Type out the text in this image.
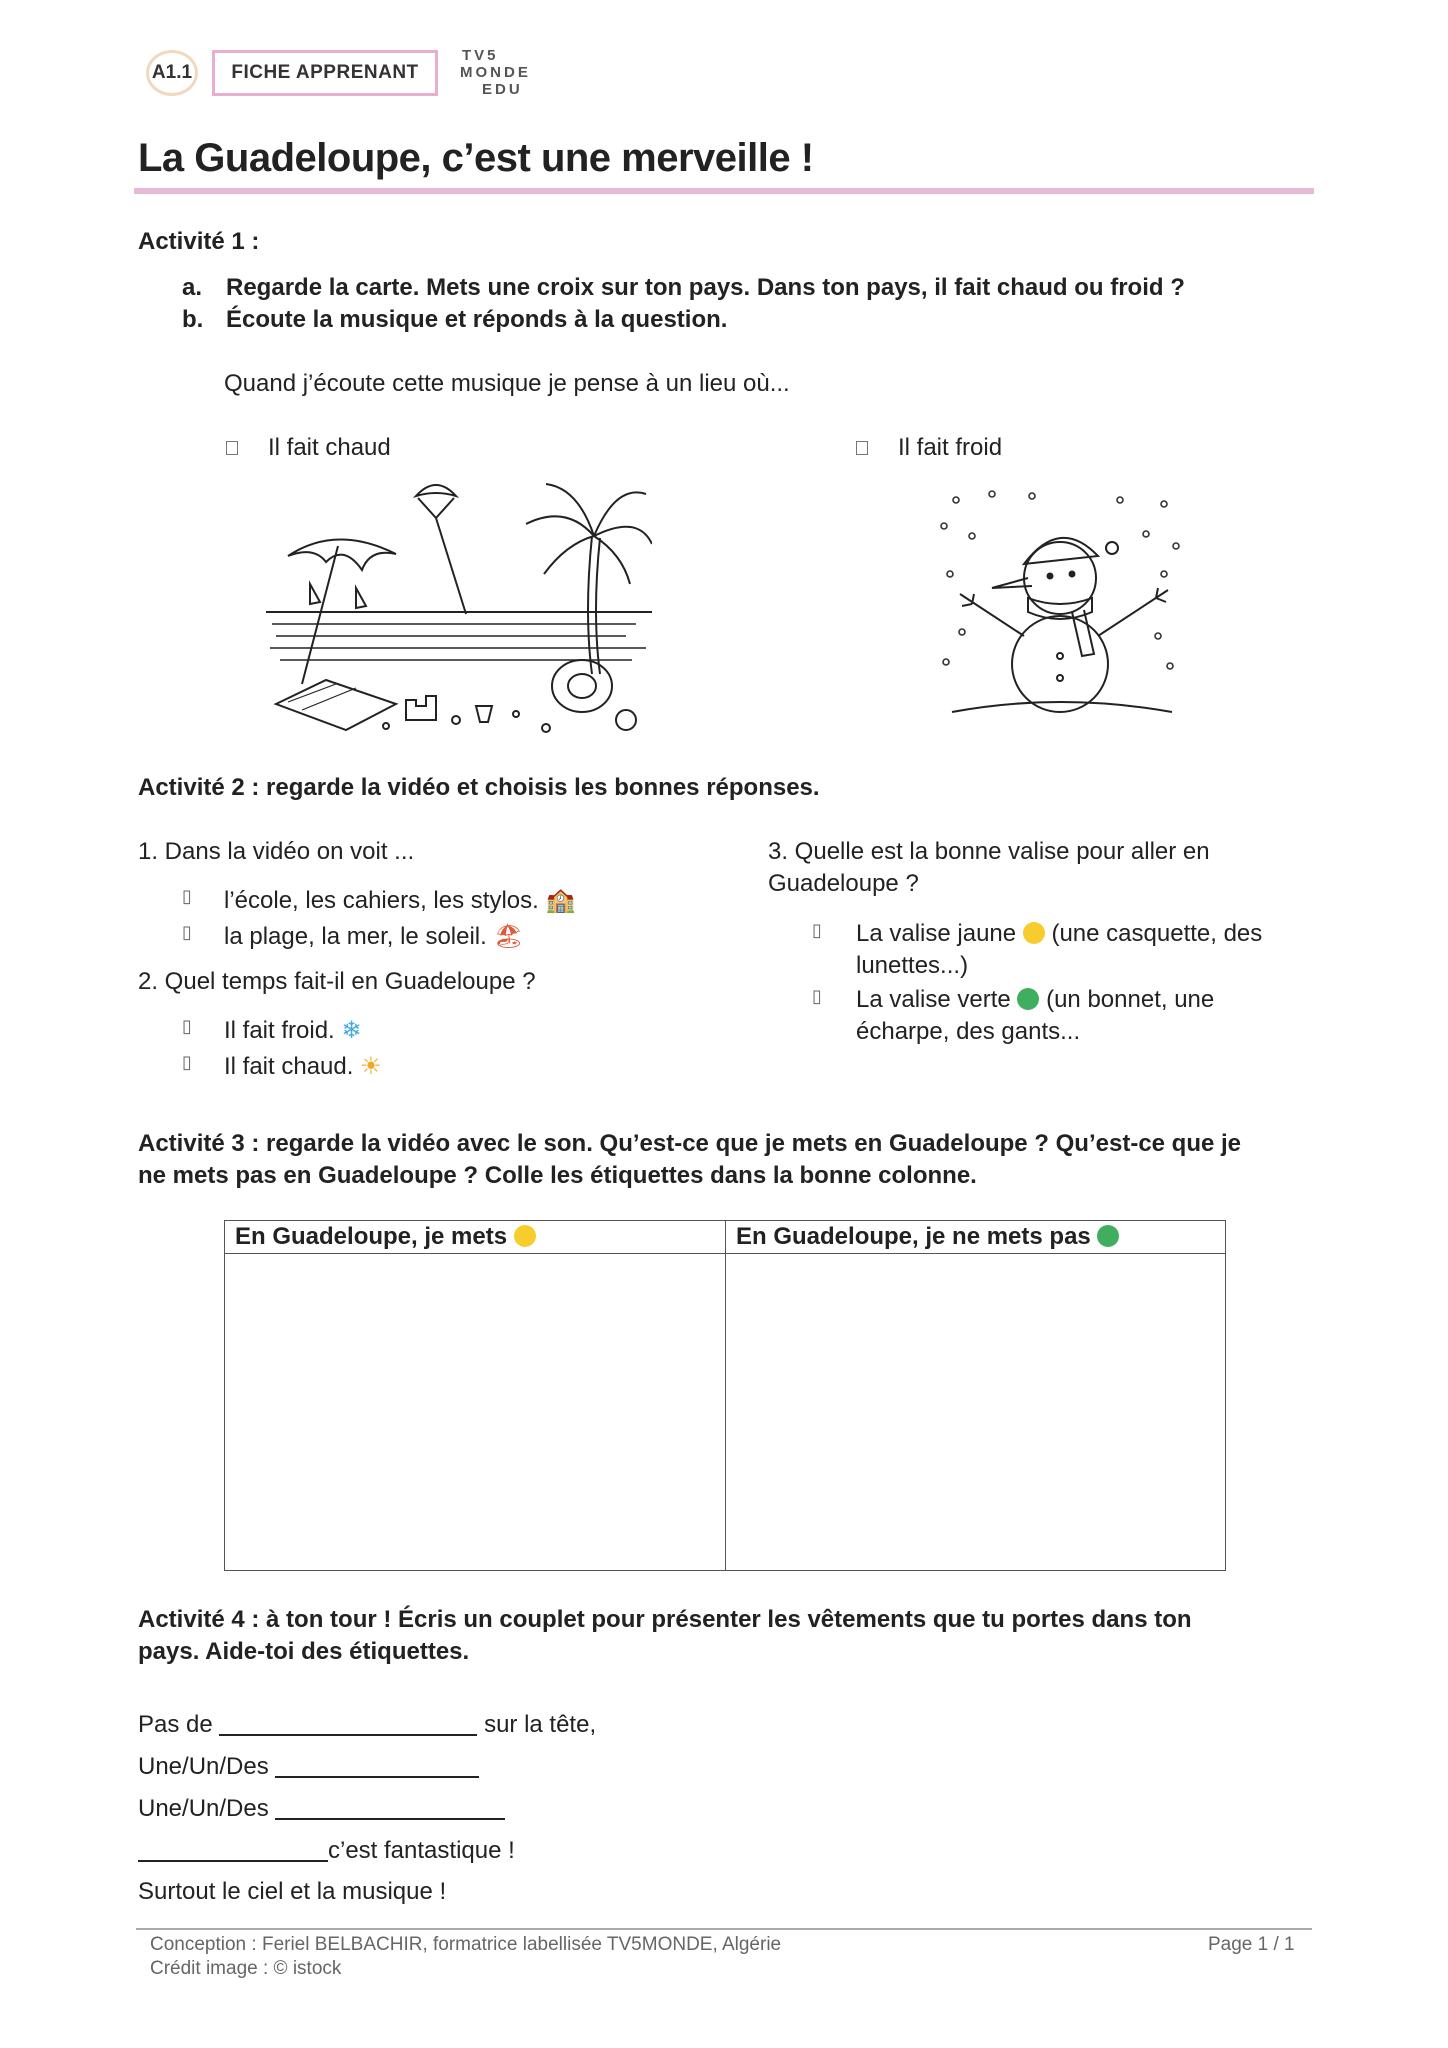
A1.1 FICHE APPRENANT
TV5
MONDE
EDU
La Guadeloupe, c’est une merveille !
Activité 1 :
a. Regarde la carte. Mets une croix sur ton pays. Dans ton pays, il fait chaud ou froid ?
b. Écoute la musique et réponds à la question.
Quand j’écoute cette musique je pense à un lieu où...
Il fait chaud	Il fait froid
Activité 2 : regarde la vidéo et choisis les bonnes réponses.
1. Dans la vidéo on voit ...
▯ l’école, les cahiers, les stylos. 🏫
▯ la plage, la mer, le soleil. 🏖
2. Quel temps fait-il en Guadeloupe ?
▯ Il fait froid. ❄
▯ Il fait chaud. ☀
3. Quelle est la bonne valise pour aller en
Guadeloupe ?
▯ La valise jaune (une casquette, des
lunettes...)
▯ La valise verte (un bonnet, une
écharpe, des gants...
Activité 3 : regarde la vidéo avec le son. Qu’est-ce que je mets en Guadeloupe ? Qu’est-ce que je
ne mets pas en Guadeloupe ? Colle les étiquettes dans la bonne colonne.
En Guadeloupe, je mets	En Guadeloupe, je ne mets pas

Activité 4 : à ton tour ! Écris un couplet pour présenter les vêtements que tu portes dans ton
pays. Aide-toi des étiquettes.
Pas de	sur la tête,
Une/Un/Des
Une/Un/Des
c’est fantastique !
Surtout le ciel et la musique !
Conception : Feriel BELBACHIR, formatrice labellisée TV5MONDE, Algérie
Crédit image : © istock
Page 1 / 1
